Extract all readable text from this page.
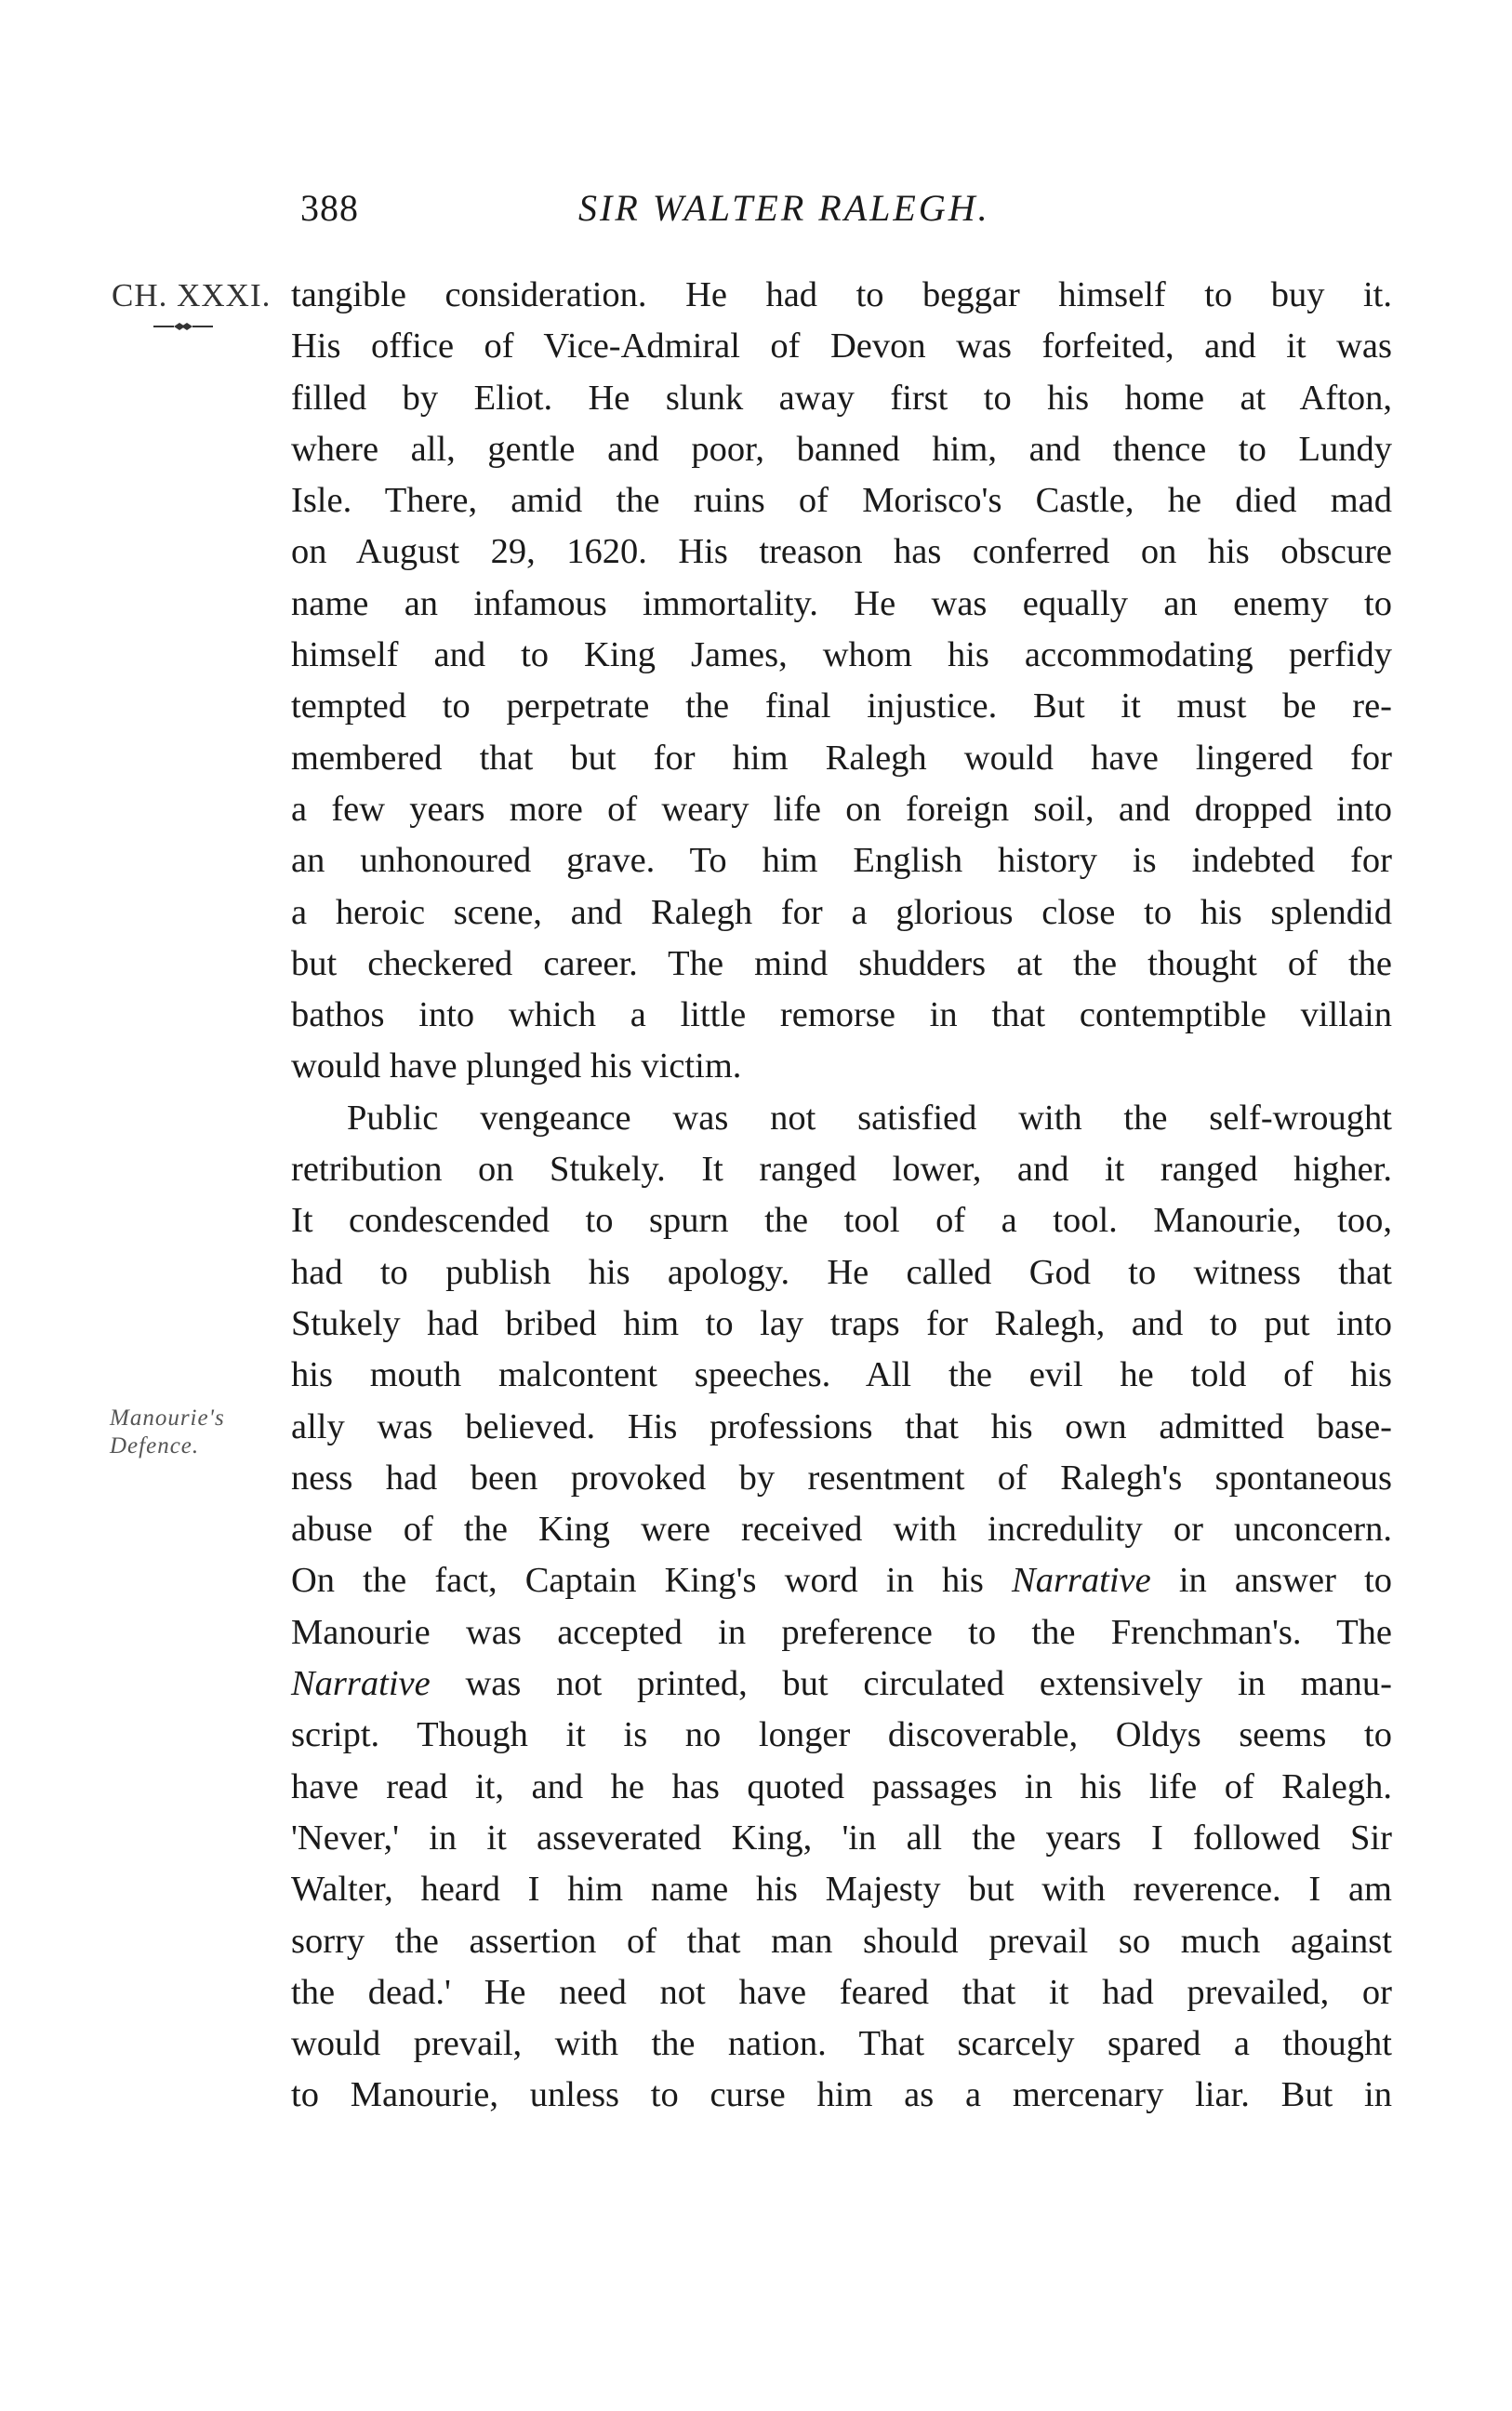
388	SIR WALTER RALEGH.
CH. XXXI.
Manourie's
Defence.
tangible consideration. He had to beggar himself to buy it.
His office of Vice-Admiral of Devon was forfeited, and it was
filled by Eliot. He slunk away first to his home at Afton,
where all, gentle and poor, banned him, and thence to Lundy
Isle. There, amid the ruins of Morisco's Castle, he died mad
on August 29, 1620. His treason has conferred on his obscure
name an infamous immortality. He was equally an enemy to
himself and to King James, whom his accommodating perfidy
tempted to perpetrate the final injustice. But it must be re-
membered that but for him Ralegh would have lingered for
a few years more of weary life on foreign soil, and dropped into
an unhonoured grave. To him English history is indebted for
a heroic scene, and Ralegh for a glorious close to his splendid
but checkered career. The mind shudders at the thought of the
bathos into which a little remorse in that contemptible villain
would have plunged his victim.
Public vengeance was not satisfied with the self-wrought
retribution on Stukely. It ranged lower, and it ranged higher.
It condescended to spurn the tool of a tool. Manourie, too,
had to publish his apology. He called God to witness that
Stukely had bribed him to lay traps for Ralegh, and to put into
his mouth malcontent speeches. All the evil he told of his
ally was believed. His professions that his own admitted base-
ness had been provoked by resentment of Ralegh's spontaneous
abuse of the King were received with incredulity or unconcern.
On the fact, Captain King's word in his Narrative in answer to
Manourie was accepted in preference to the Frenchman's. The
Narrative was not printed, but circulated extensively in manu-
script. Though it is no longer discoverable, Oldys seems to
have read it, and he has quoted passages in his life of Ralegh.
'Never,' in it asseverated King, 'in all the years I followed Sir
Walter, heard I him name his Majesty but with reverence. I am
sorry the assertion of that man should prevail so much against
the dead.' He need not have feared that it had prevailed, or
would prevail, with the nation. That scarcely spared a thought
to Manourie, unless to curse him as a mercenary liar. But in
